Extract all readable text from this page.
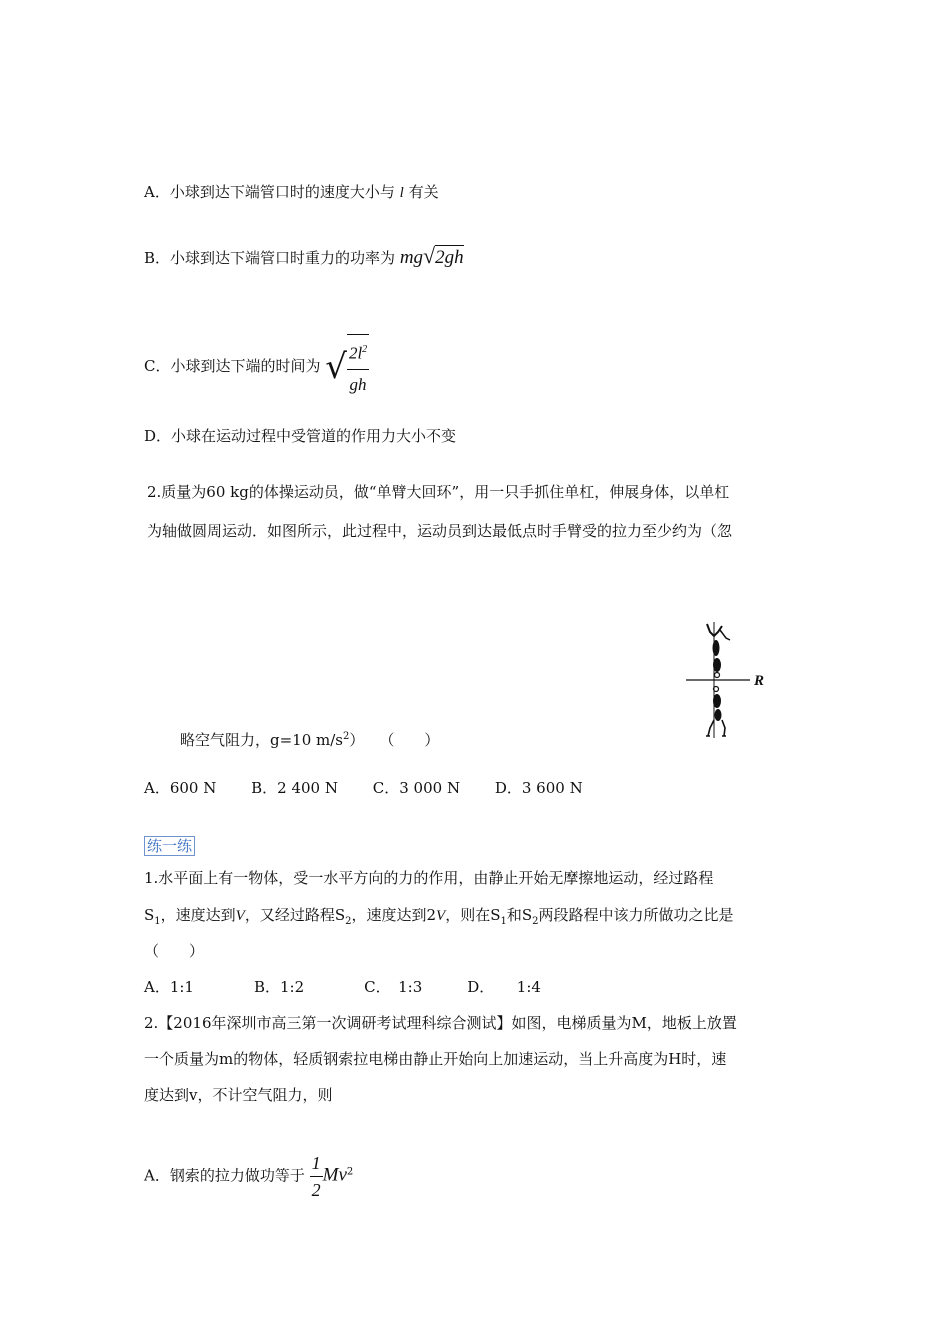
A．小球到达下端管口时的速度大小与 l 有关
B．小球到达下端管口时重力的功率为 mg√2gh
C．小球到达下端的时间为 √ $\frac{2l^2}{gh}$
D．小球在运动过程中受管道的作用力大小不变
2.质量为60 kg的体操运动员，做“单臂大回环”，用一只手抓住单杠，伸展身体，以单杠
为轴做圆周运动．如图所示，此过程中，运动员到达最低点时手臂受的拉力至少约为（忽
略空气阻力，g=10 $m/s^2$）　　（　　）
R
A．600 N　　 B．2 400 N　　 C．3 000 N　　 D．3 600 N
练一练
1.水平面上有一物体，受一水平方向的力的作用，由静止开始无摩擦地运动，经过路程
$S_1$，速度达到V，又经过路程$S_2$，速度达到2V，则在$S_1$和$S_2$两段路程中该力所做功之比是
（　　）
A．1:1　　　　B．1:2　　　　C．　1:3　　　D．　　1:4
2.【2016年深圳市高三第一次调研考试理科综合测试】如图，电梯质量为M，地板上放置
一个质量为m的物体，轻质钢索拉电梯由静止开始向上加速运动，当上升高度为H时，速
度达到v，不计空气阻力，则
A．钢索的拉力做功等于 $\frac{1}{2} Mv^2$
